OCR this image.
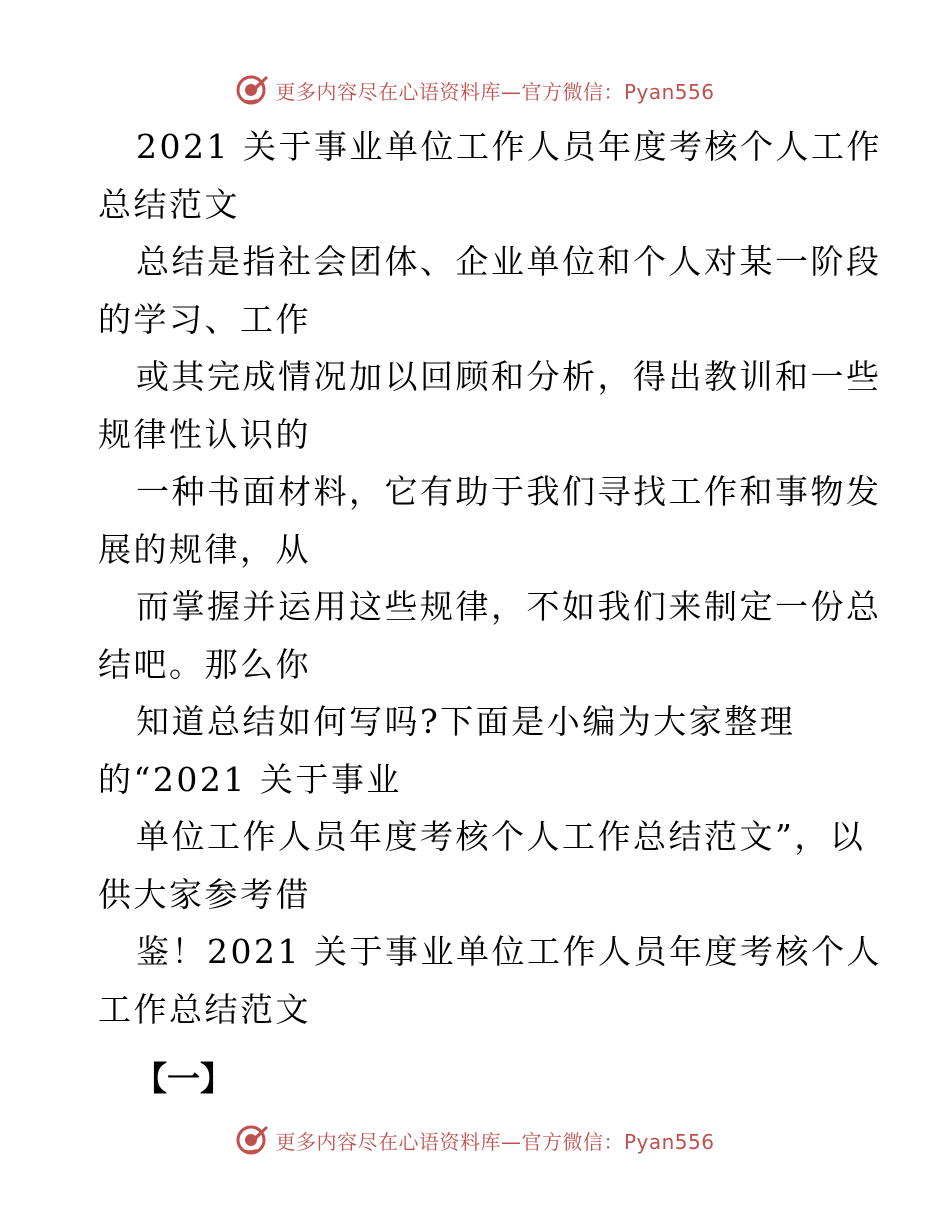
更多内容尽在心语资料库—官方微信：Pyan556
2021 关于事业单位工作人员年度考核个人工作
总结范文
总结是指社会团体、企业单位和个人对某一阶段
的学习、工作
或其完成情况加以回顾和分析，得出教训和一些
规律性认识的
一种书面材料，它有助于我们寻找工作和事物发
展的规律，从
而掌握并运用这些规律，不如我们来制定一份总
结吧。那么你
知道总结如何写吗?下面是小编为大家整理
的“2021 关于事业
单位工作人员年度考核个人工作总结范文”，以
供大家参考借
鉴！2021 关于事业单位工作人员年度考核个人
工作总结范文
【一】
更多内容尽在心语资料库—官方微信：Pyan556
